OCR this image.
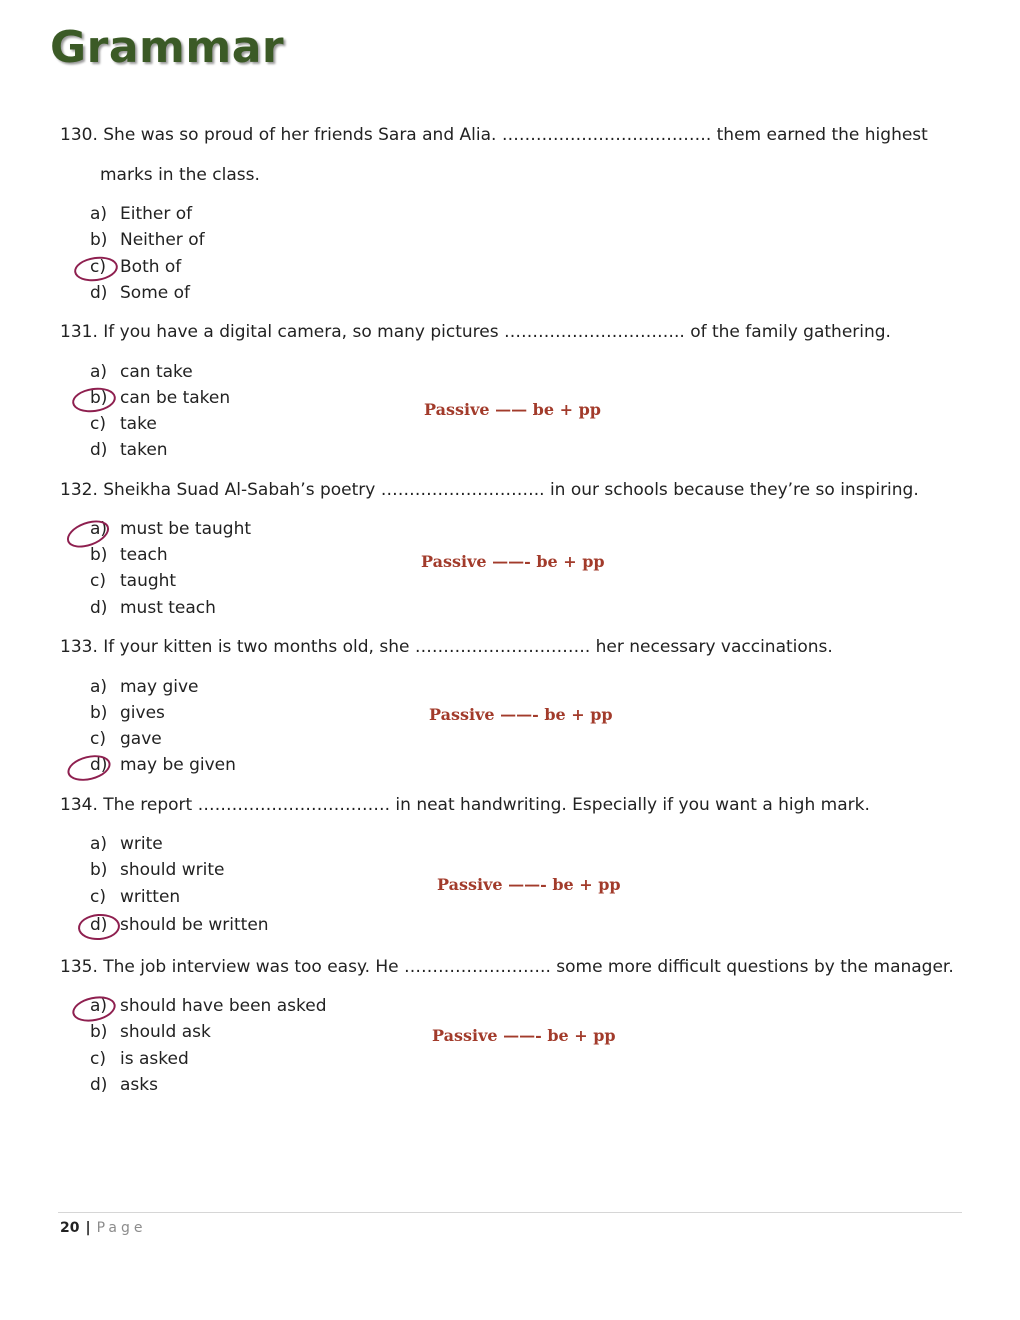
Grammar
130. She was so proud of her friends Sara and Alia. ………………………………. them earned the highest
marks in the class.
a) Either of
b) Neither of
c) Both of
d) Some of
131. If you have a digital camera, so many pictures ………………………….. of the family gathering.
a) can take
b) can be taken
c) take
d) taken
Passive —— be + pp
132. Sheikha Suad Al-Sabah’s poetry ……………………….. in our schools because they’re so inspiring.
a) must be taught
b) teach
c) taught
d) must teach
Passive ——- be + pp
133. If your kitten is two months old, she …………………………. her necessary vaccinations.
a) may give
b) gives
c) gave
d) may be given
Passive ——- be + pp
134. The report ……………………………. in neat handwriting. Especially if you want a high mark.
a) write
b) should write
c) written
d) should be written
Passive ——- be + pp
135. The job interview was too easy. He …………………….. some more difficult questions by the manager.
a) should have been asked
b) should ask
c) is asked
d) asks
Passive ——- be + pp
20 | Page
